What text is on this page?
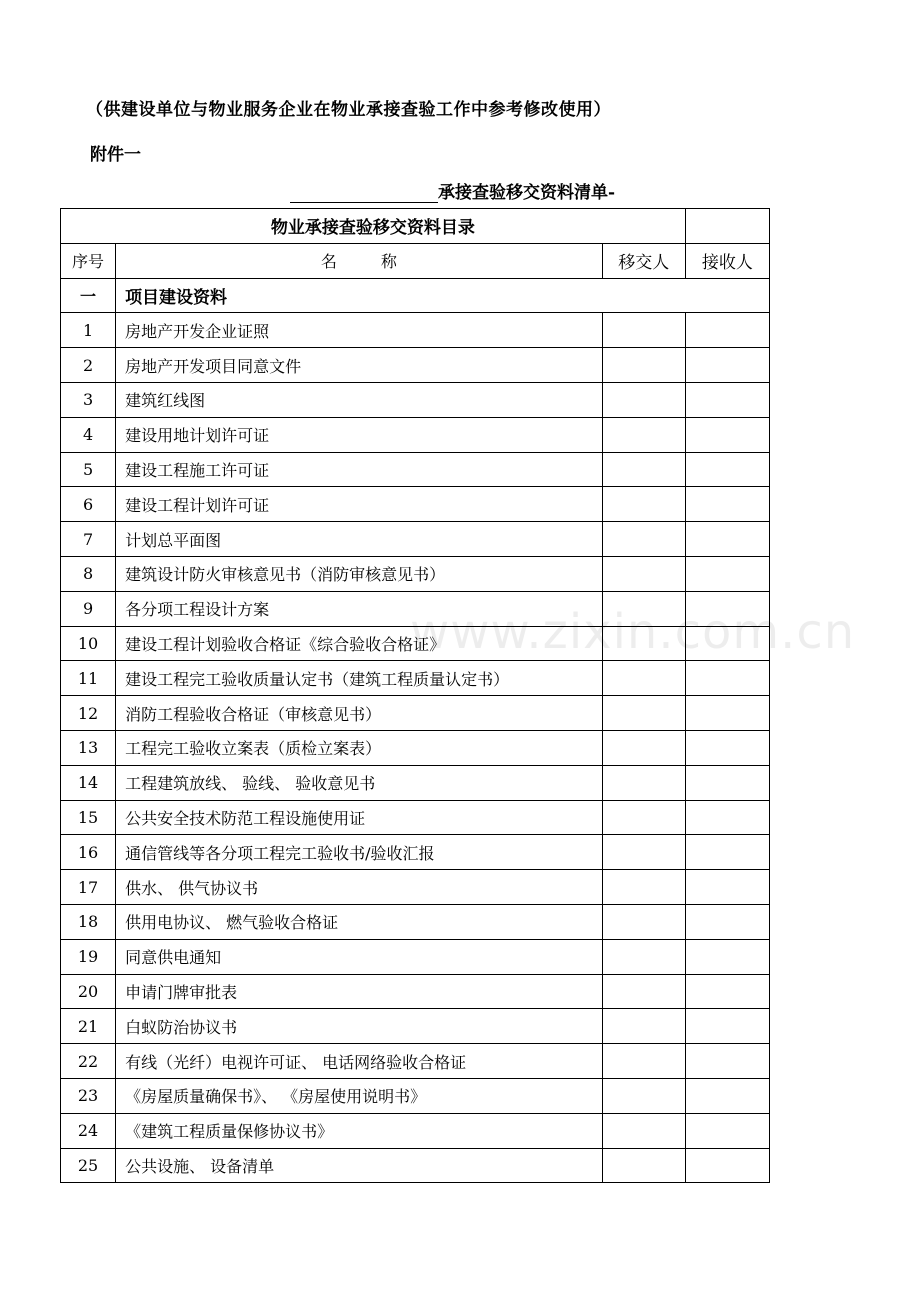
（供建设单位与物业服务企业在物业承接查验工作中参考修改使用）
附件一
承接查验移交资料清单-
物业承接查验移交资料目录			
序号	名 称	移交人	接收人
一	项目建设资料		
1	房地产开发企业证照		
2	房地产开发项目同意文件		
3	建筑红线图		
4	建设用地计划许可证		
5	建设工程施工许可证		
6	建设工程计划许可证		
7	计划总平面图		
8	建筑设计防火审核意见书（消防审核意见书）		
9	各分项工程设计方案		
10	建设工程计划验收合格证《综合验收合格证》		
11	建设工程完工验收质量认定书（建筑工程质量认定书）		
12	消防工程验收合格证（审核意见书）		
13	工程完工验收立案表（质检立案表）		
14	工程建筑放线、 验线、 验收意见书		
15	公共安全技术防范工程设施使用证		
16	通信管线等各分项工程完工验收书/验收汇报		
17	供水、 供气协议书		
18	供用电协议、 燃气验收合格证		
19	同意供电通知		
20	申请门牌审批表		
21	白蚁防治协议书		
22	有线（光纤）电视许可证、 电话网络验收合格证		
23	《房屋质量确保书》、 《房屋使用说明书》		
24	《建筑工程质量保修协议书》		
25	公共设施、 设备清单		
www.zixin.com.cn
